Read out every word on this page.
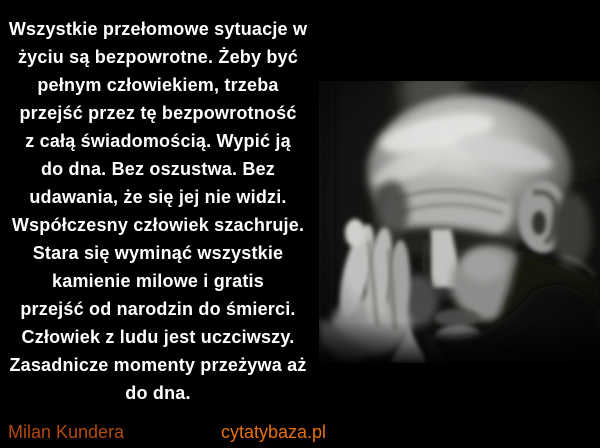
Wszystkie przełomowe sytuacje w
życiu są bezpowrotne. Żeby być
pełnym człowiekiem, trzeba
przejść przez tę bezpowrotność
z całą świadomością. Wypić ją
do dna. Bez oszustwa. Bez
udawania, że się jej nie widzi.
Współczesny człowiek szachruje.
Stara się wyminąć wszystkie
kamienie milowe i gratis
przejść od narodzin do śmierci.
Człowiek z ludu jest uczciwszy.
Zasadnicze momenty przeżywa aż
do dna.
Milan Kundera	cytatybaza.pl
